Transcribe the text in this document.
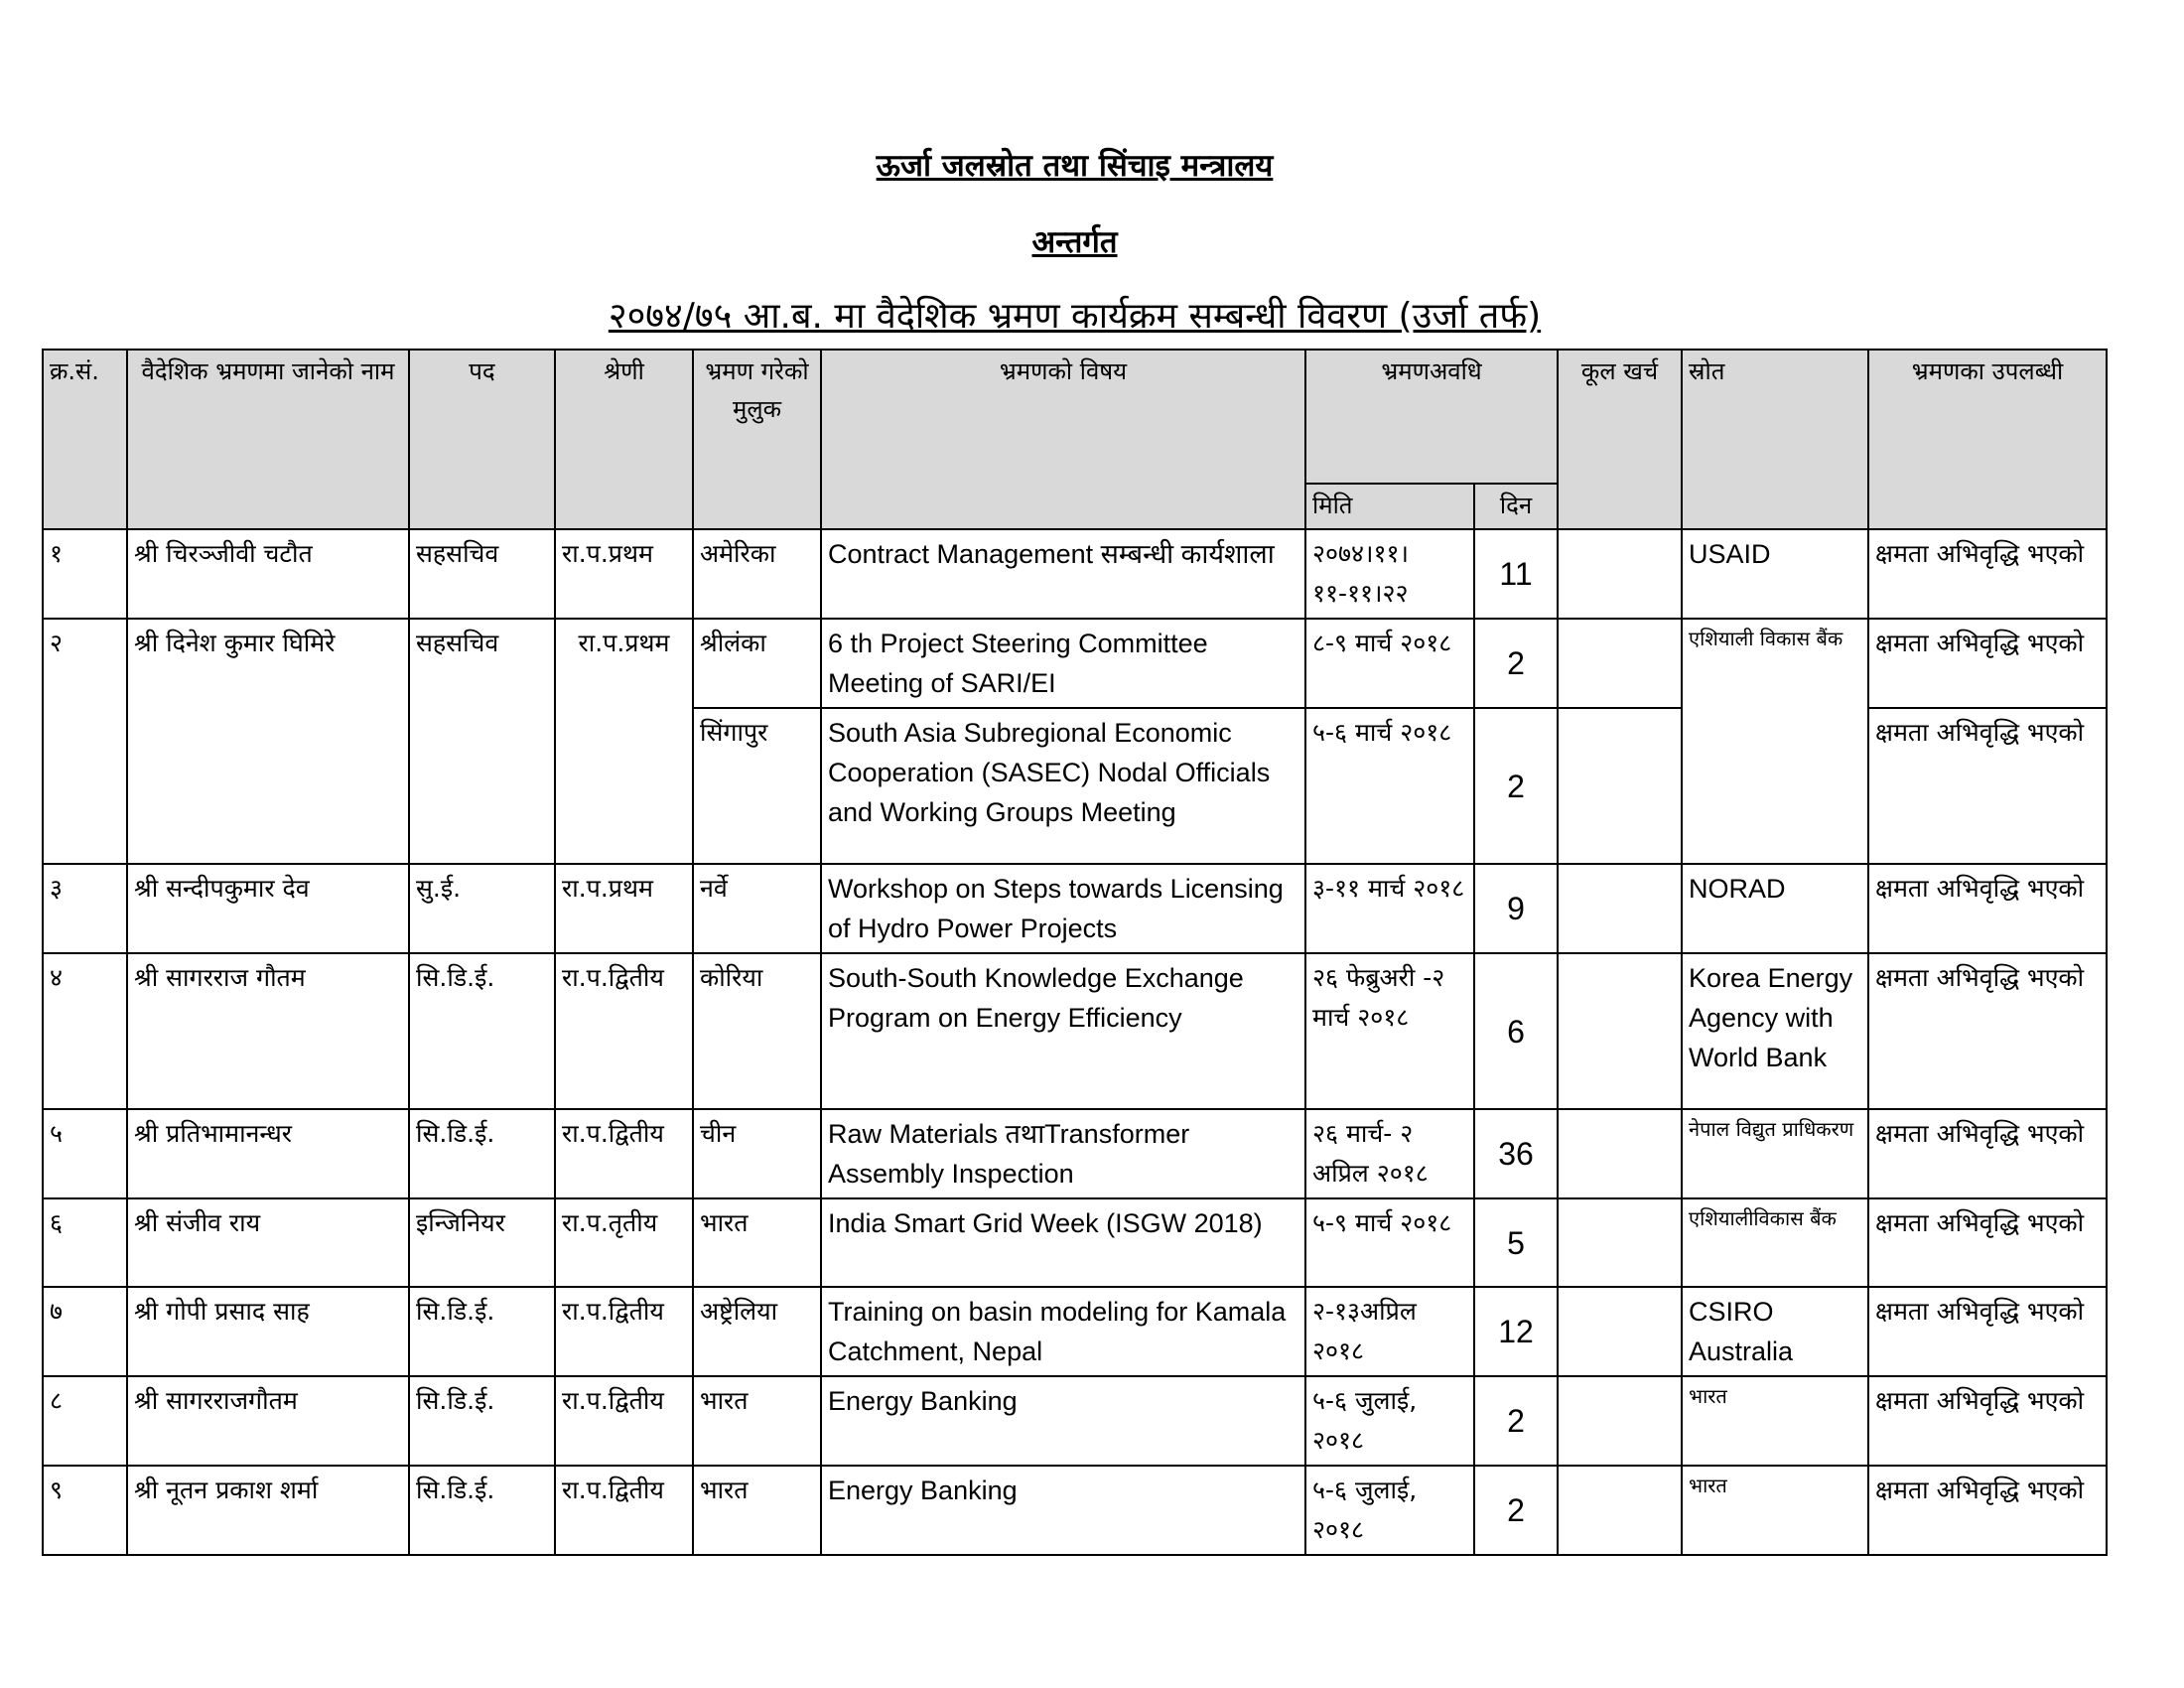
ऊर्जा जलस्रोत तथा सिंचाइ मन्त्रालय
अन्तर्गत
२०७४/७५ आ.ब. मा वैदेशिक भ्रमण कार्यक्रम सम्बन्धी विवरण (उर्जा तर्फ)
क्र.सं.	वैदेशिक भ्रमणमा जानेको नाम	पद	श्रेणी	भ्रमण गरेको मुलुक	भ्रमणको विषय	भ्रमणअवधि		कूल खर्च	स्रोत	भ्रमणका उपलब्धी
						मिति	दिन			
१	श्री चिरञ्जीवी चटौत	सहसचिव	रा.प.प्रथम	अमेरिका	Contract Management सम्बन्धी कार्यशाला	२०७४।११।११-११।२२	11		USAID	क्षमता अभिवृद्धि भएको
२	श्री दिनेश कुमार घिमिरे	सहसचिव	रा.प.प्रथम	श्रीलंका	6 th Project Steering Committee Meeting of SARI/EI	८-९ मार्च २०१८	2		एशियाली विकास बैंक	क्षमता अभिवृद्धि भएको
				सिंगापुर	South Asia Subregional Economic Cooperation (SASEC) Nodal Officials and Working Groups Meeting	५-६ मार्च २०१८	2			क्षमता अभिवृद्धि भएको
३	श्री सन्दीपकुमार देव	सु.ई.	रा.प.प्रथम	नर्वे	Workshop on Steps towards Licensing of Hydro Power Projects	३-११ मार्च २०१८	9		NORAD	क्षमता अभिवृद्धि भएको
४	श्री सागरराज गौतम	सि.डि.ई.	रा.प.द्वितीय	कोरिया	South-South Knowledge Exchange Program on Energy Efficiency	२६ फेब्रुअरी -२ मार्च २०१८	6		Korea Energy Agency with World Bank	क्षमता अभिवृद्धि भएको
५	श्री प्रतिभामानन्धर	सि.डि.ई.	रा.प.द्वितीय	चीन	Raw Materials तथाTransformer Assembly Inspection	२६ मार्च- २ अप्रिल २०१८	36		नेपाल विद्युत प्राधिकरण	क्षमता अभिवृद्धि भएको
६	श्री संजीव राय	इन्जिनियर	रा.प.तृतीय	भारत	India Smart Grid Week (ISGW 2018)	५-९ मार्च २०१८	5		एशियालीविकास बैंक	क्षमता अभिवृद्धि भएको
७	श्री गोपी प्रसाद साह	सि.डि.ई.	रा.प.द्वितीय	अष्ट्रेलिया	Training on basin modeling for Kamala Catchment, Nepal	२-१३अप्रिल २०१८	12		CSIRO Australia	क्षमता अभिवृद्धि भएको
८	श्री सागरराजगौतम	सि.डि.ई.	रा.प.द्वितीय	भारत	Energy Banking	५-६ जुलाई, २०१८	2		भारत	क्षमता अभिवृद्धि भएको
९	श्री नूतन प्रकाश शर्मा	सि.डि.ई.	रा.प.द्वितीय	भारत	Energy Banking	५-६ जुलाई, २०१८	2		भारत	क्षमता अभिवृद्धि भएको
